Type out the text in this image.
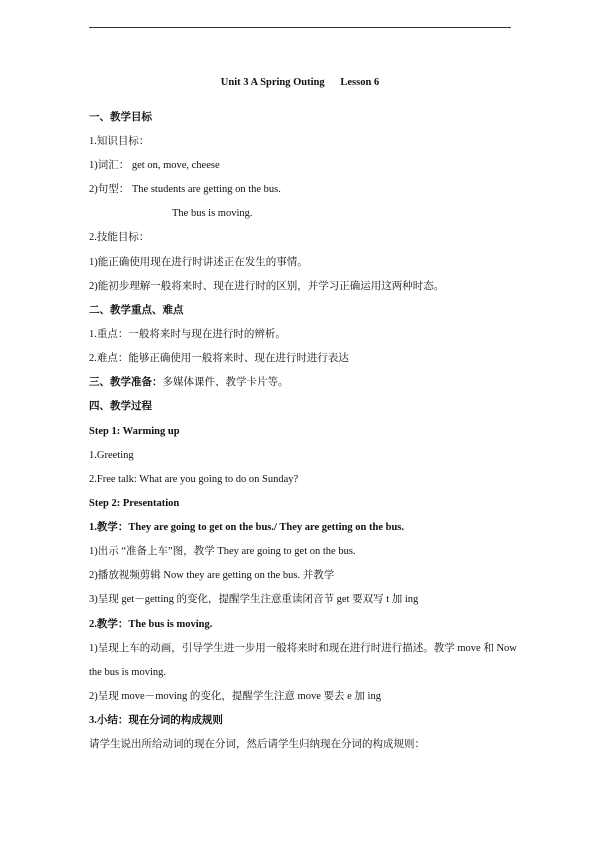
Unit 3 A Spring Outing      Lesson 6
一、教学目标
1.知识目标：
1)词汇： get on, move, cheese
2)句型： The students are getting on the bus.
The bus is moving.
2.技能目标：
1)能正确使用现在进行时讲述正在发生的事情。
2)能初步理解一般将来时、现在进行时的区别，并学习正确运用这两种时态。
二、教学重点、难点
1.重点：一般将来时与现在进行时的辨析。
2.难点：能够正确使用一般将来时、现在进行时进行表达
三、教学准备：多媒体课件、教学卡片等。
四、教学过程
Step 1: Warming up
1.Greeting
2.Free talk: What are you going to do on Sunday?
Step 2: Presentation
1.教学：They are going to get on the bus./ They are getting on the bus.
1)出示 “准备上车”图，教学 They are going to get on the bus.
2)播放视频剪辑 Now they are getting on the bus. 并教学
3)呈现 get－getting 的变化，提醒学生注意重读闭音节 get 要双写 t 加 ing
2.教学：The bus is moving.
1)呈现上车的动画，引导学生进一步用一般将来时和现在进行时进行描述。教学 move 和 Now
the bus is moving.
2)呈现 move－moving 的变化，提醒学生注意 move 要去 e 加 ing
3.小结：现在分词的构成规则
请学生说出所给动词的现在分词，然后请学生归纳现在分词的构成规则：
